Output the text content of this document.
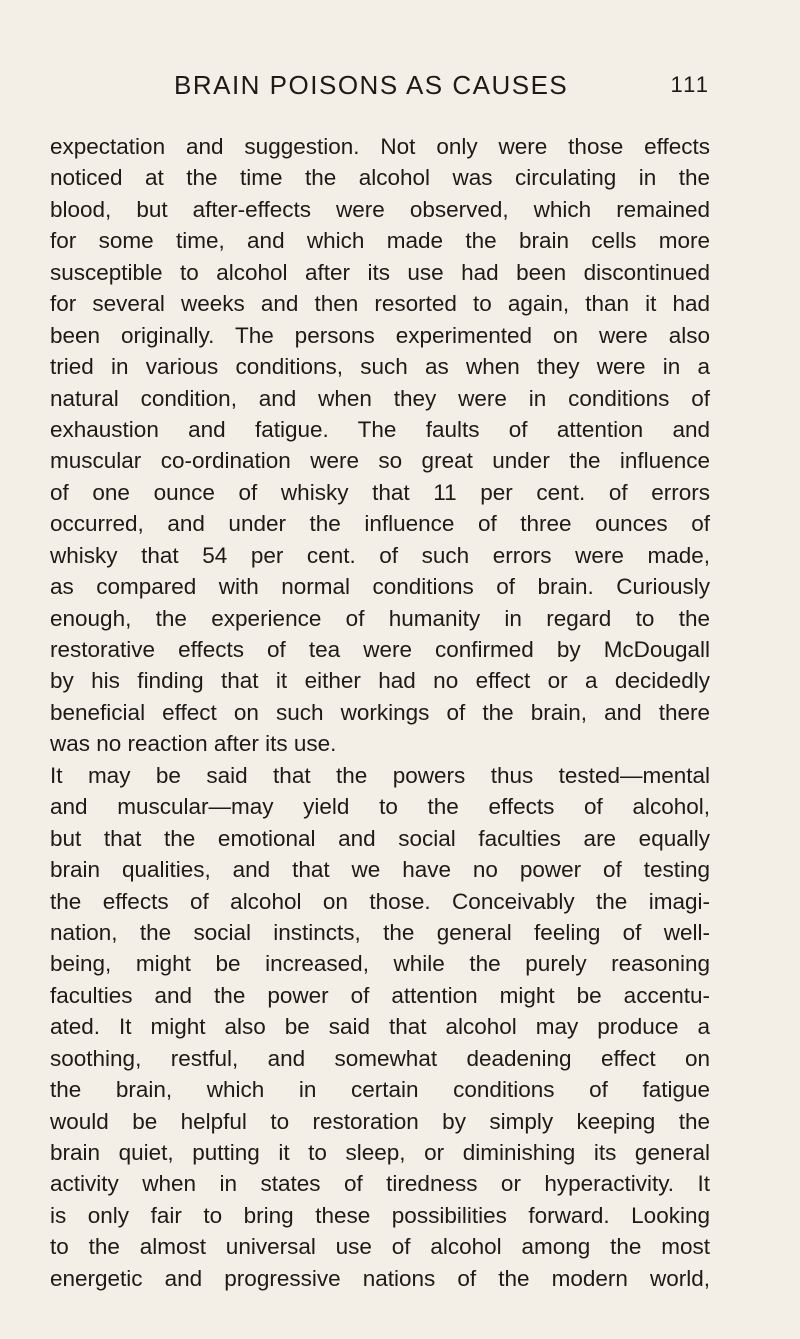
BRAIN POISONS AS CAUSES	111
expectation and suggestion. Not only were those effects
noticed at the time the alcohol was circulating in the
blood, but after-effects were observed, which remained
for some time, and which made the brain cells more
susceptible to alcohol after its use had been discontinued
for several weeks and then resorted to again, than it had
been originally. The persons experimented on were also
tried in various conditions, such as when they were in a
natural condition, and when they were in conditions of
exhaustion and fatigue. The faults of attention and
muscular co-ordination were so great under the influence
of one ounce of whisky that 11 per cent. of errors
occurred, and under the influence of three ounces of
whisky that 54 per cent. of such errors were made,
as compared with normal conditions of brain. Curiously
enough, the experience of humanity in regard to the
restorative effects of tea were confirmed by McDougall
by his finding that it either had no effect or a decidedly
beneficial effect on such workings of the brain, and there
was no reaction after its use.
It may be said that the powers thus tested—mental
and muscular—may yield to the effects of alcohol,
but that the emotional and social faculties are equally
brain qualities, and that we have no power of testing
the effects of alcohol on those. Conceivably the imagi-
nation, the social instincts, the general feeling of well-
being, might be increased, while the purely reasoning
faculties and the power of attention might be accentu-
ated. It might also be said that alcohol may produce a
soothing, restful, and somewhat deadening effect on
the brain, which in certain conditions of fatigue
would be helpful to restoration by simply keeping the
brain quiet, putting it to sleep, or diminishing its general
activity when in states of tiredness or hyperactivity. It
is only fair to bring these possibilities forward. Looking
to the almost universal use of alcohol among the most
energetic and progressive nations of the modern world,
